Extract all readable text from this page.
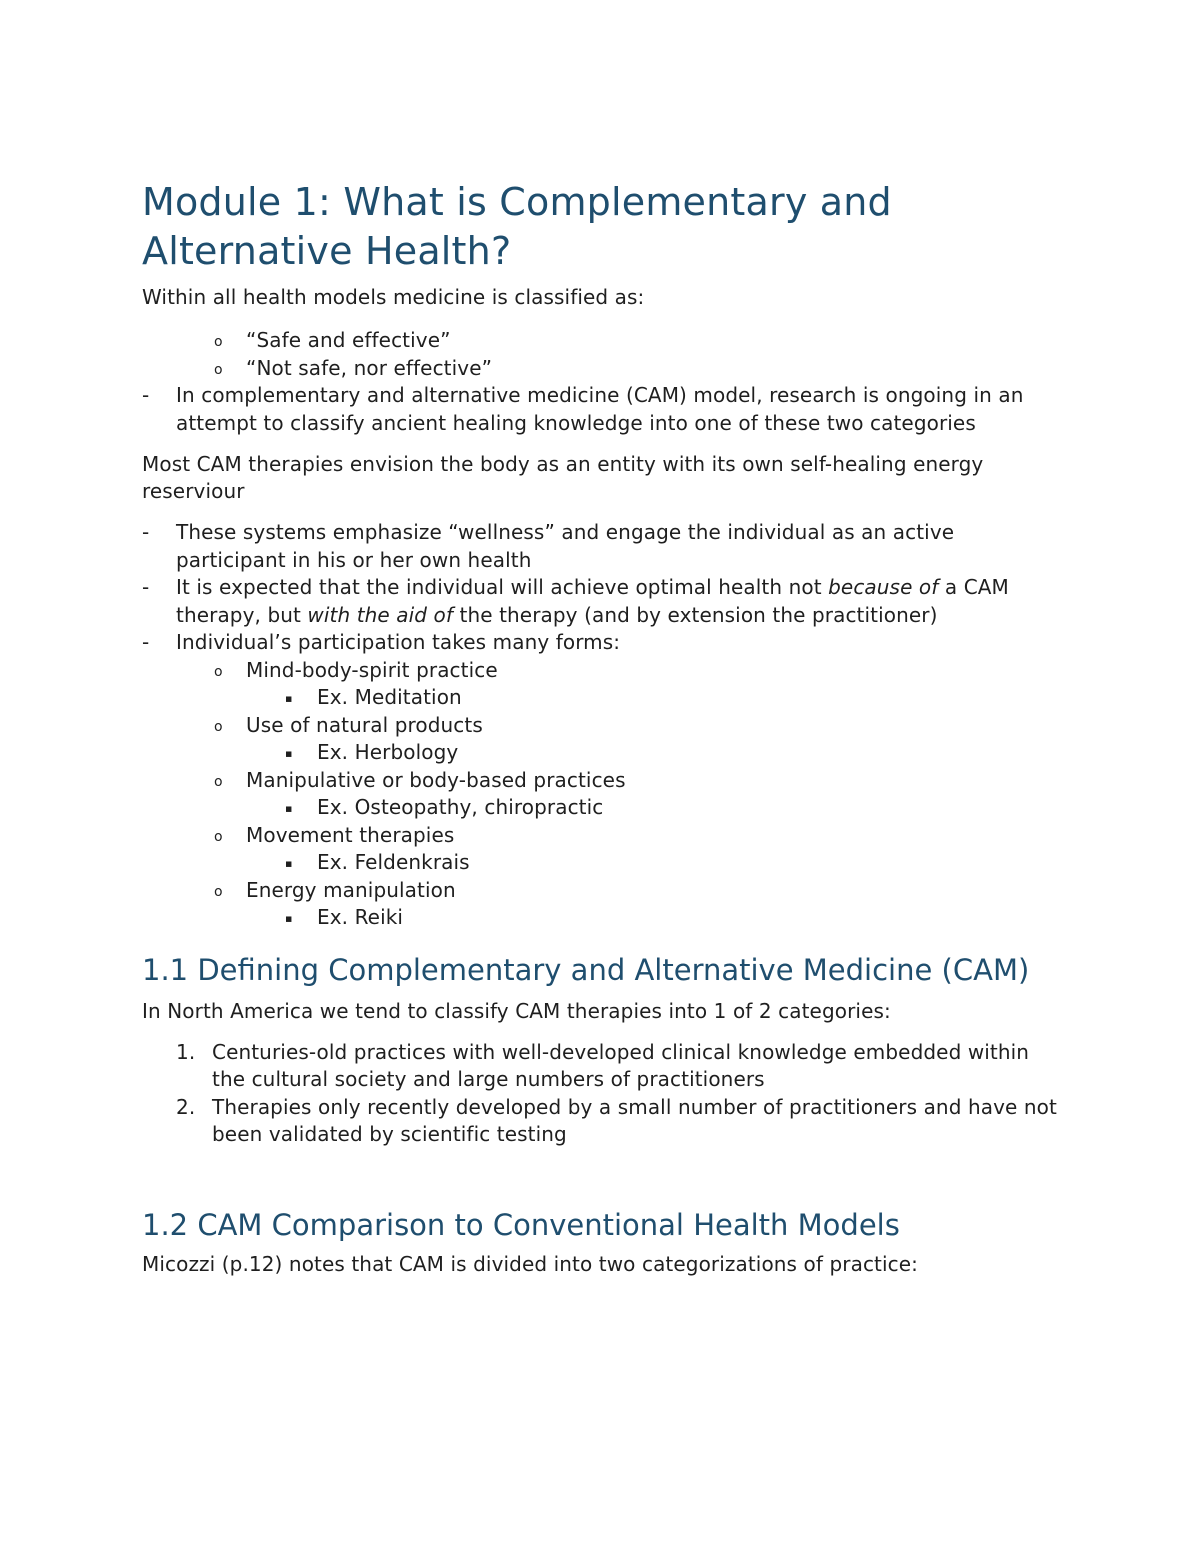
Module 1: What is Complementary and Alternative Health?

Within all health models medicine is classified as:

o “Safe and effective”
o “Not safe, nor effective”
- In complementary and alternative medicine (CAM) model, research is ongoing in an attempt to classify ancient healing knowledge into one of these two categories

Most CAM therapies envision the body as an entity with its own self-healing energy reserviour

- These systems emphasize “wellness” and engage the individual as an active participant in his or her own health
- It is expected that the individual will achieve optimal health not because of a CAM therapy, but with the aid of the therapy (and by extension the practitioner)
- Individual’s participation takes many forms:
o Mind-body-spirit practice
▪ Ex. Meditation
o Use of natural products
▪ Ex. Herbology
o Manipulative or body-based practices
▪ Ex. Osteopathy, chiropractic
o Movement therapies
▪ Ex. Feldenkrais
o Energy manipulation
▪ Ex. Reiki
1.1 Defining Complementary and Alternative Medicine (CAM)

In North America we tend to classify CAM therapies into 1 of 2 categories:

1. Centuries-old practices with well-developed clinical knowledge embedded within the cultural society and large numbers of practitioners
2. Therapies only recently developed by a small number of practitioners and have not been validated by scientific testing
1.2 CAM Comparison to Conventional Health Models

Micozzi (p.12) notes that CAM is divided into two categorizations of practice:
